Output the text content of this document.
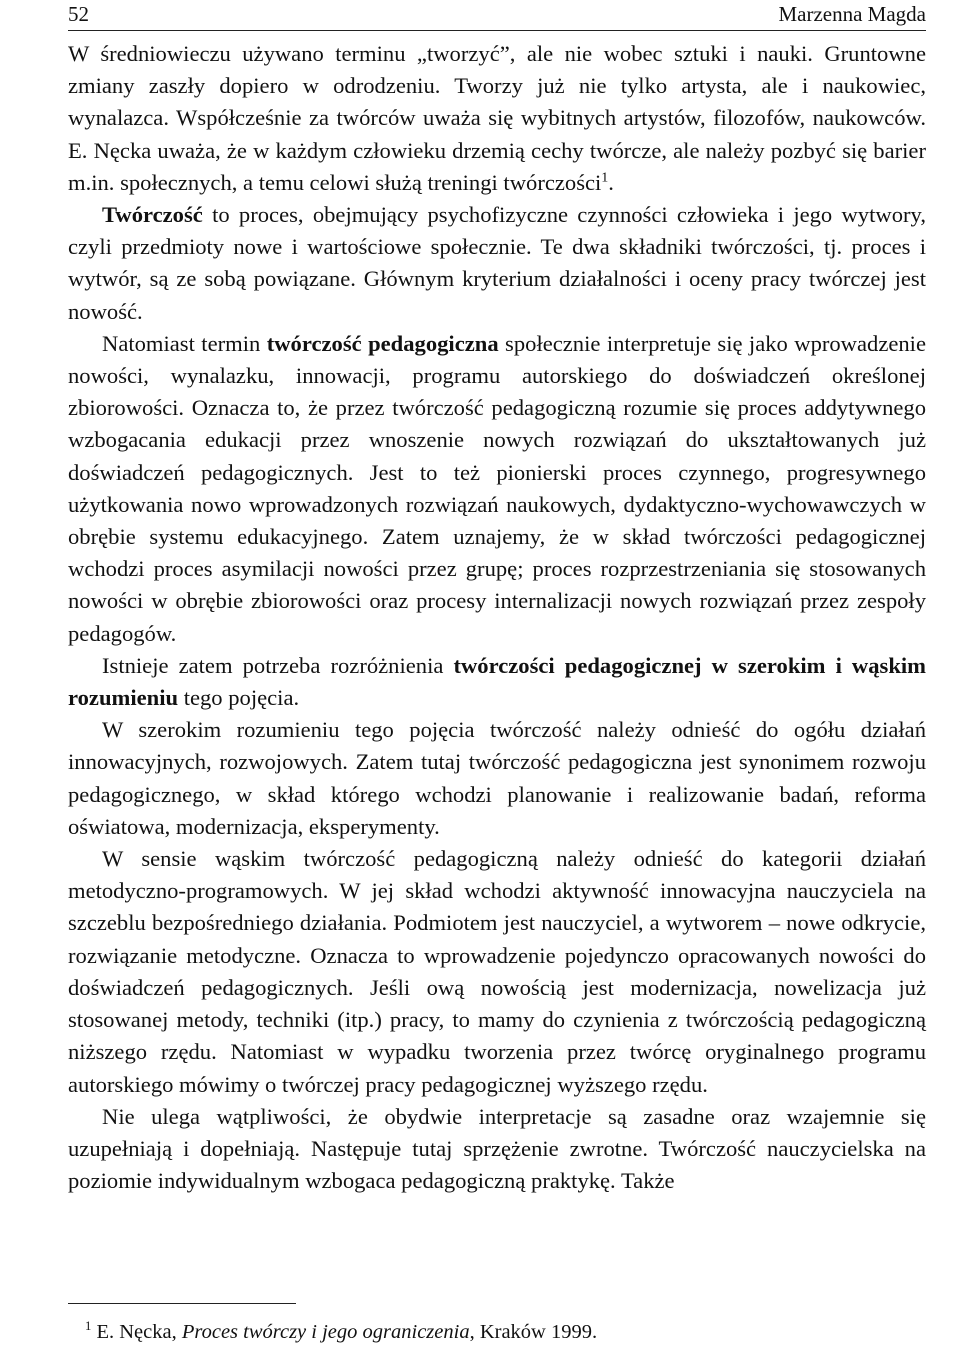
52	Marzenna Magda

W średniowieczu używano terminu „tworzyć”, ale nie wobec sztuki i nauki. Gruntowne zmiany zaszły dopiero w odrodzeniu. Tworzy już nie tylko artysta, ale i naukowiec, wynalazca. Współcześnie za twórców uważa się wybitnych artystów, filozofów, naukowców. E. Nęcka uważa, że w każdym człowieku drzemią cechy twórcze, ale należy pozbyć się barier m.in. społecznych, a temu celowi służą treningi twórczości$^1$.

Twórczość to proces, obejmujący psychofizyczne czynności człowieka i jego wytwory, czyli przedmioty nowe i wartościowe społecznie. Te dwa składniki twórczości, tj. proces i wytwór, są ze sobą powiązane. Głównym kryterium działalności i oceny pracy twórczej jest nowość.

Natomiast termin twórczość pedagogiczna społecznie interpretuje się jako wprowadzenie nowości, wynalazku, innowacji, programu autorskiego do doświadczeń określonej zbiorowości. Oznacza to, że przez twórczość pedagogiczną rozumie się proces addytywnego wzbogacania edukacji przez wnoszenie nowych rozwiązań do ukształtowanych już doświadczeń pedagogicznych. Jest to też pionierski proces czynnego, progresywnego użytkowania nowo wprowadzonych rozwiązań naukowych, dydaktyczno-wychowawczych w obrębie systemu edukacyjnego. Zatem uznajemy, że w skład twórczości pedagogicznej wchodzi proces asymilacji nowości przez grupę; proces rozprzestrzeniania się stosowanych nowości w obrębie zbiorowości oraz procesy internalizacji nowych rozwiązań przez zespoły pedagogów.

Istnieje zatem potrzeba rozróżnienia twórczości pedagogicznej w szerokim i wąskim rozumieniu tego pojęcia.

W szerokim rozumieniu tego pojęcia twórczość należy odnieść do ogółu działań innowacyjnych, rozwojowych. Zatem tutaj twórczość pedagogiczna jest synonimem rozwoju pedagogicznego, w skład którego wchodzi planowanie i realizowanie badań, reforma oświatowa, modernizacja, eksperymenty.

W sensie wąskim twórczość pedagogiczną należy odnieść do kategorii działań metodyczno-programowych. W jej skład wchodzi aktywność innowacyjna nauczyciela na szczeblu bezpośredniego działania. Podmiotem jest nauczyciel, a wytworem – nowe odkrycie, rozwiązanie metodyczne. Oznacza to wprowadzenie pojedynczo opracowanych nowości do doświadczeń pedagogicznych. Jeśli ową nowością jest modernizacja, nowelizacja już stosowanej metody, techniki (itp.) pracy, to mamy do czynienia z twórczością pedagogiczną niższego rzędu. Natomiast w wypadku tworzenia przez twórcę oryginalnego programu autorskiego mówimy o twórczej pracy pedagogicznej wyższego rzędu.

Nie ulega wątpliwości, że obydwie interpretacje są zasadne oraz wzajemnie się uzupełniają i dopełniają. Następuje tutaj sprzężenie zwrotne. Twórczość nauczycielska na poziomie indywidualnym wzbogaca pedagogiczną praktykę. Także

$^1$ E. Nęcka, Proces twórczy i jego ograniczenia, Kraków 1999.
